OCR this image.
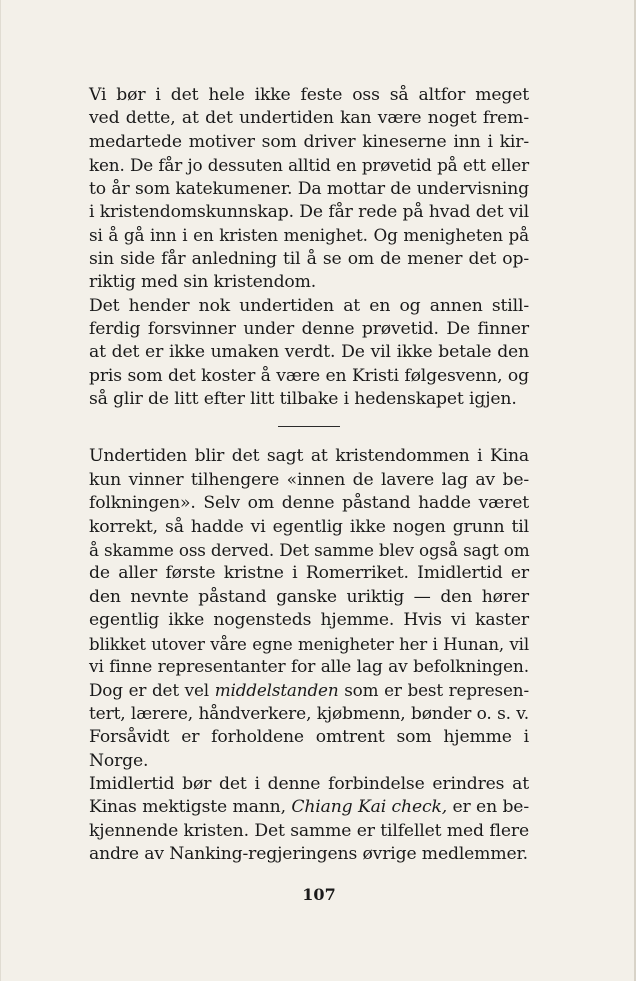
Vi bør i det hele ikke feste oss så altfor meget
ved dette, at det undertiden kan være noget frem-
medartede motiver som driver kineserne inn i kir-
ken. De får jo dessuten alltid en prøvetid på ett eller
to år som katekumener. Da mottar de undervisning
i kristendomskunnskap. De får rede på hvad det vil
si å gå inn i en kristen menighet. Og menigheten på
sin side får anledning til å se om de mener det op-
riktig med sin kristendom.
Det hender nok undertiden at en og annen still-
ferdig forsvinner under denne prøvetid. De finner
at det er ikke umaken verdt. De vil ikke betale den
pris som det koster å være en Kristi følgesvenn, og
så glir de litt efter litt tilbake i hedenskapet igjen.
Undertiden blir det sagt at kristendommen i Kina
kun vinner tilhengere «innen de lavere lag av be-
folkningen». Selv om denne påstand hadde været
korrekt, så hadde vi egentlig ikke nogen grunn til
å skamme oss derved. Det samme blev også sagt om
de aller første kristne i Romerriket. Imidlertid er
den nevnte påstand ganske uriktig — den hører
egentlig ikke nogensteds hjemme. Hvis vi kaster
blikket utover våre egne menigheter her i Hunan, vil
vi finne representanter for alle lag av befolkningen.
Dog er det vel middelstanden som er best represen-
tert, lærere, håndverkere, kjøbmenn, bønder o. s. v.
Forsåvidt er forholdene omtrent som hjemme i
Norge.
Imidlertid bør det i denne forbindelse erindres at
Kinas mektigste mann, Chiang Kai check, er en be-
kjennende kristen. Det samme er tilfellet med flere
andre av Nanking-regjeringens øvrige medlemmer.
107
